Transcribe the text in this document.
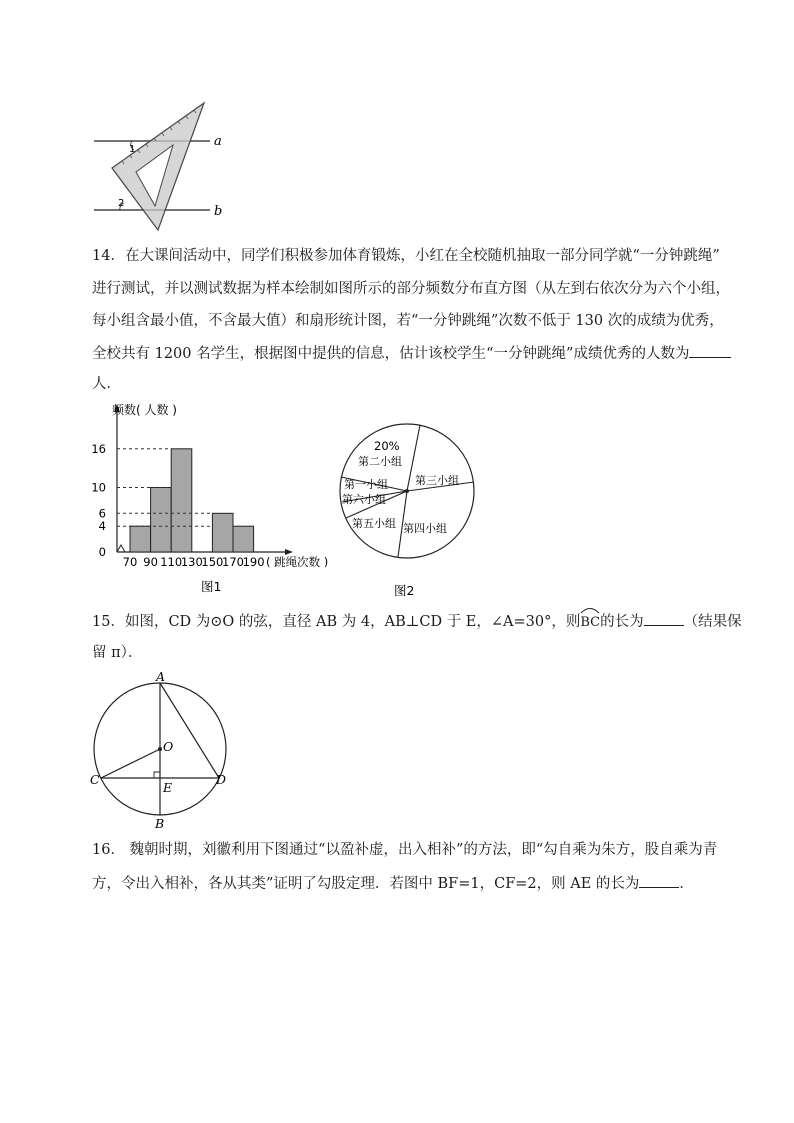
a
b
1
2
14．在大课间活动中，同学们积极参加体育锻炼，小红在全校随机抽取一部分同学就“一分钟跳绳”
进行测试，并以测试数据为样本绘制如图所示的部分频数分布直方图（从左到右依次分为六个小组，
每小组含最小值，不含最大值）和扇形统计图，若“一分钟跳绳”次数不低于 130 次的成绩为优秀，
全校共有 1200 名学生，根据图中提供的信息，估计该校学生“一分钟跳绳”成绩优秀的人数为
人．
0
4
6
10
16
70 90 110
130
150
170
190
频数( 人数 )
( 跳绳次数 )
图1
20%
第二小组
第三小组
第四小组
第五小组
第六小组
第一小组
图2
15．如图，CD 为⊙O 的弦，直径 AB 为 4，AB⊥CD 于 E，∠A=30°，则
BC的长为	（结果保
留 π）．
A
O
C	D
E
B
16． 魏朝时期，刘徽利用下图通过“以盈补虚，出入相补”的方法，即“勾自乘为朱方，股自乘为青
方，令出入相补，各从其类”证明了勾股定理．若图中 BF=1，CF=2，则 AE 的长为	．
